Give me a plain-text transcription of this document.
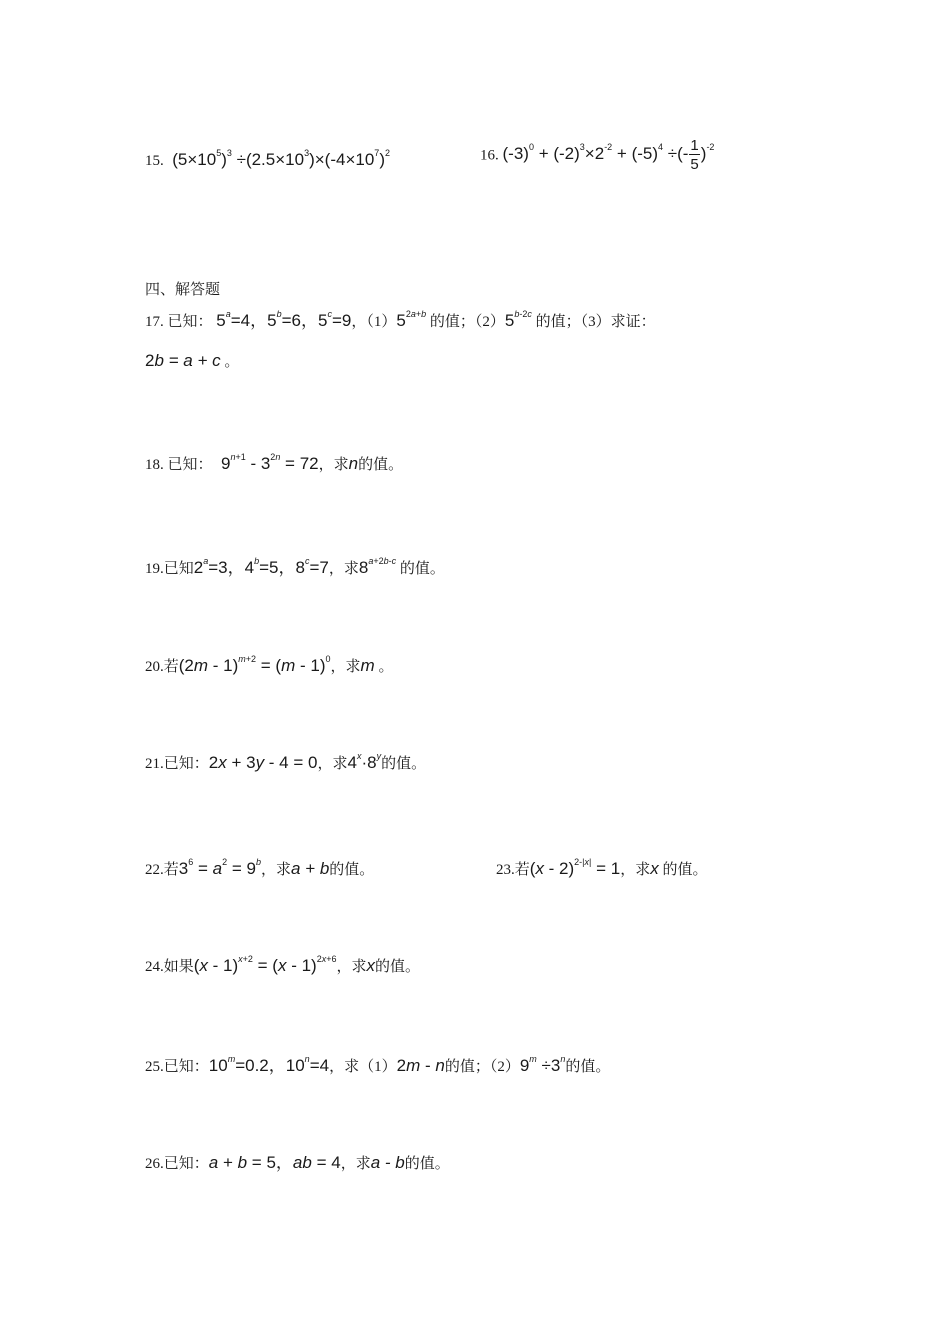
15.  $(5\times 10^5)^3 \div(2.5\times 10^3)\times(-4\times 10^7)^2$	16. $(-3)^0 + (-2)^3\times 2^{-2} + (-5)^4$ ÷(- $\frac{1}{5} )^{-2}$
四、解答题
17. 已知： $5^a=4$，$5^b=6$，$5^c=9$，$(1)5^{2a+b}$ 的值；$(2)5^{b-2c}$ 的值；（3）求证：
2b = a + c 。
18. 已知：  $9^{n+1} - 3^{2n} = 72$，求n的值。
19.已知$2^a=3$，$4^b=5$，$8^c=7$，求$8^{a+2b-c}$ 的值。
20.若(2m - 1)$^{m+2}$ = (m - 1)$^0$，求m 。
21.已知：2x + 3y - 4 = 0，求$4^x\cdot 8^y$的值。
22.若$3^6 = a^2 = 9^b$，求a + b的值。	23.若(x - 2)$^{2-|x|}$ = 1，求x 的值。
24.如果(x - 1)$^{x+2}$ = (x - 1)$^{2x+6}$，求x的值。
25.已知：$10^m=0.2$，$10^n=4$，求（1）2m - n的值；$(2)9^m \div 3^n$的值。
26.已知：a + b = 5，ab = 4，求a - b的值。
